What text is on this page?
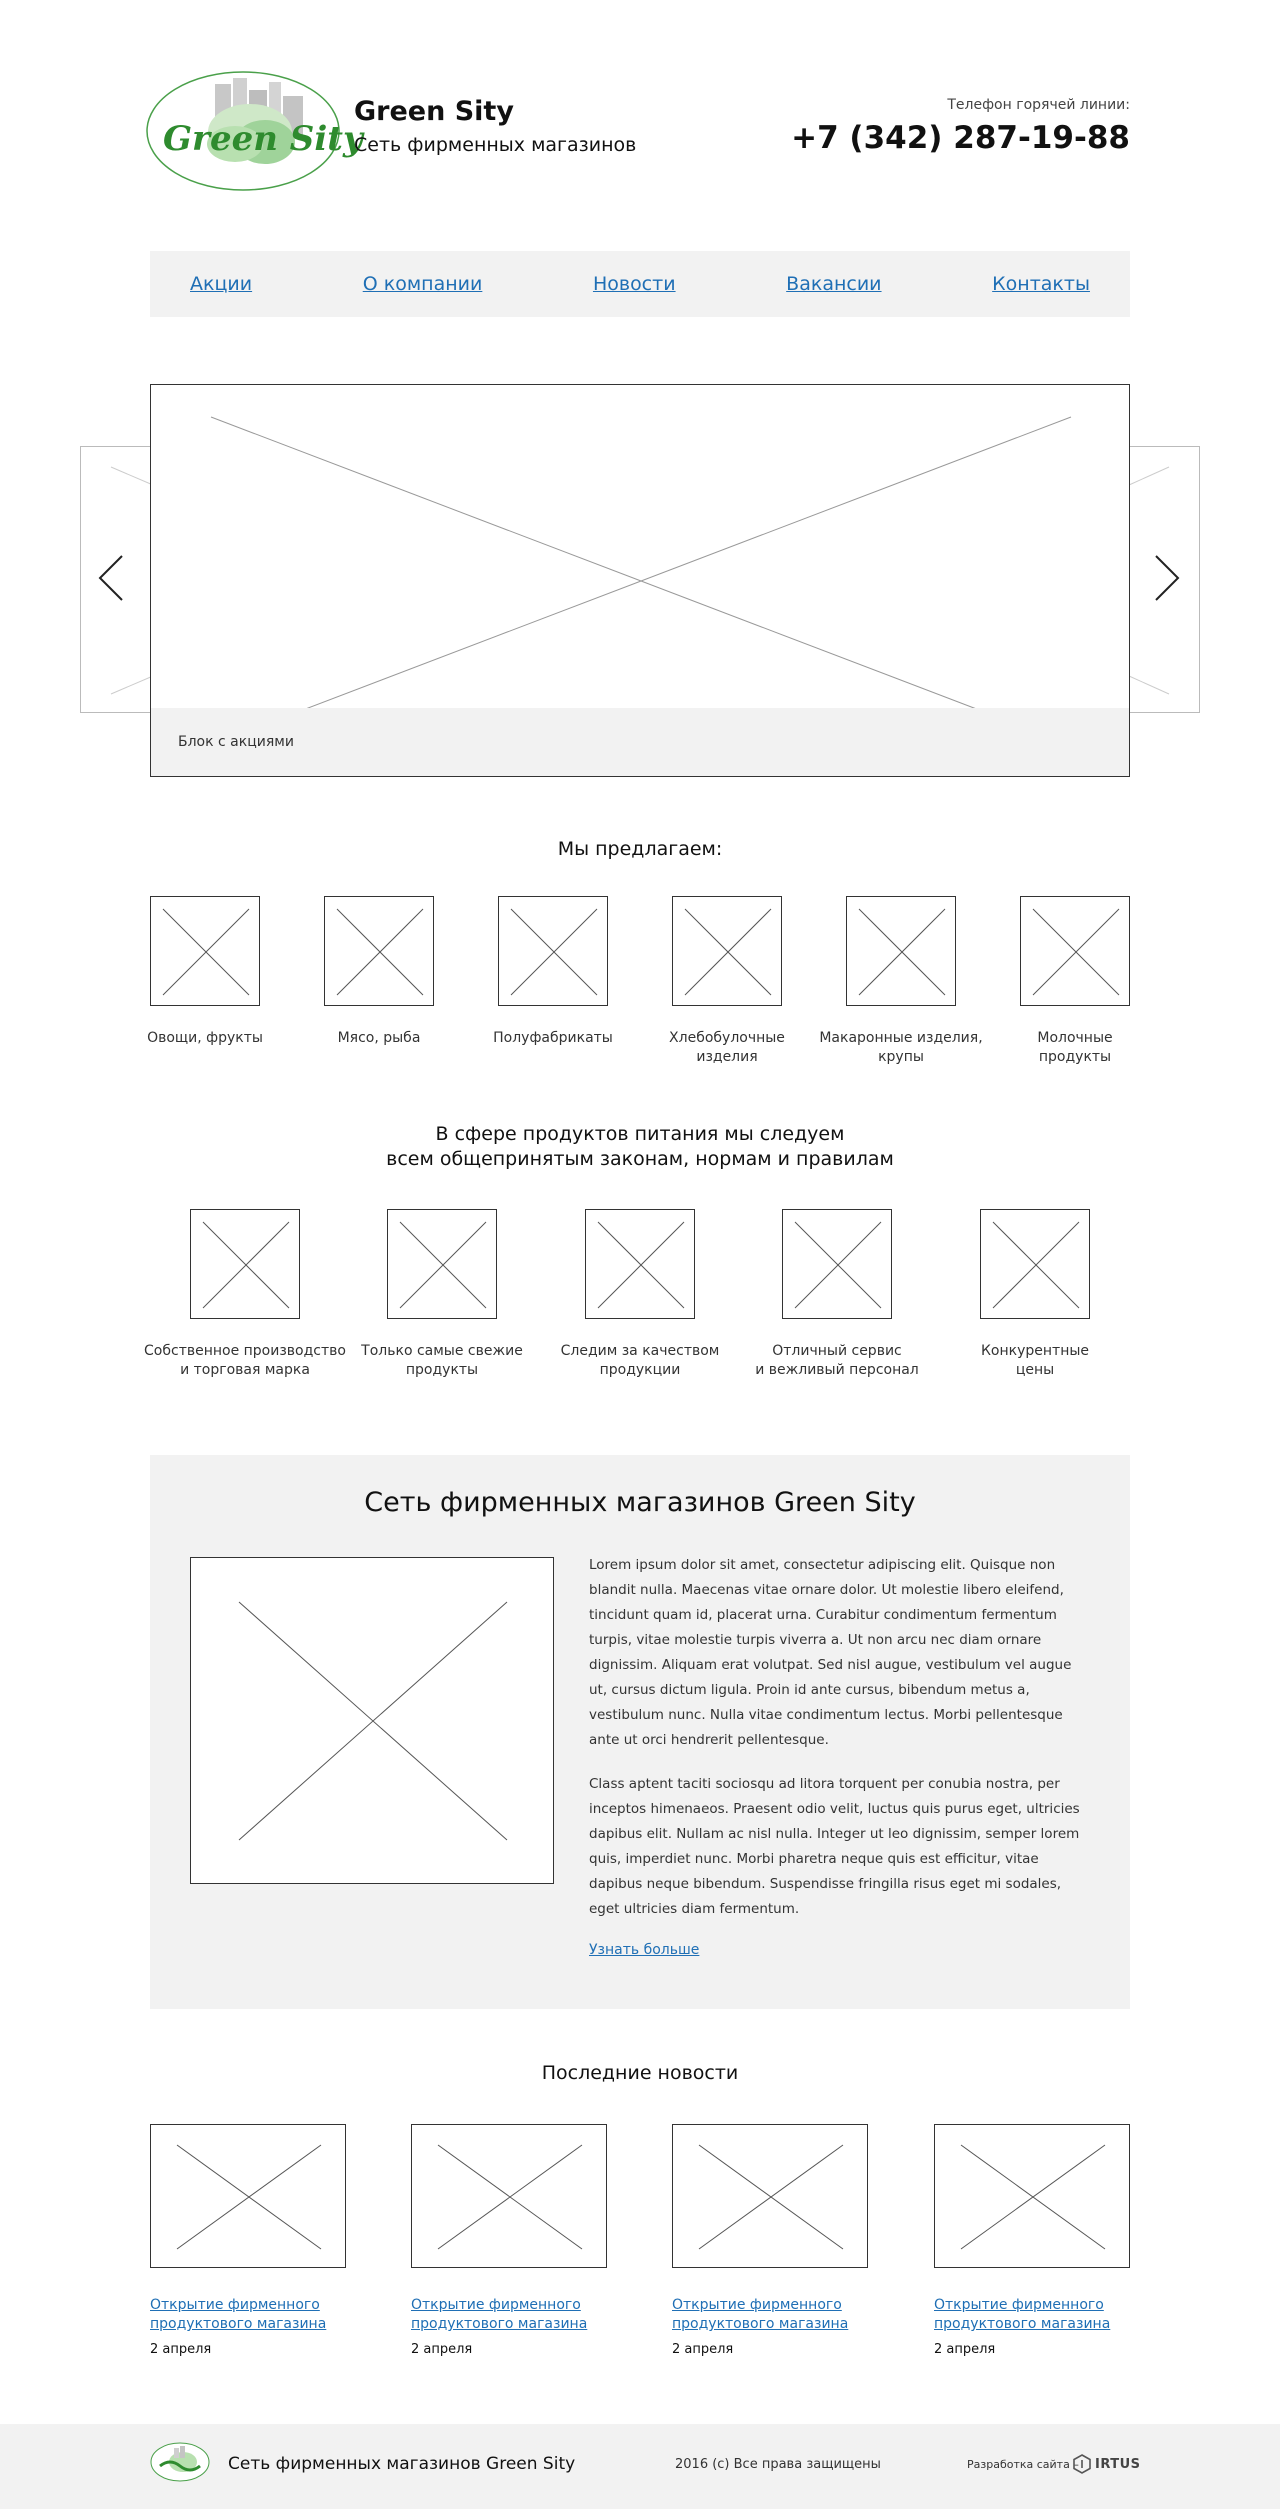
Green Sity
Green Sity
Сеть фирменных магазинов
Телефон горячей линии:
+7 (342) 287-19-88
Акции	О компании	Новости	Вакансии	Контакты
Блок с акциями
Мы предлагаем:
Овощи, фрукты	Мясо, рыба	Полуфабрикаты	Хлебобулочные
изделия
Макаронные изделия,
крупы
Молочные
продукты
В сфере продуктов питания мы следуем
всем общепринятым законам, нормам и правилам
Собственное производство
и торговая марка
Только самые свежие
продукты
Следим за качеством
продукции
Отличный сервис
и вежливый персонал
Конкурентные
цены
Сеть фирменных магазинов Green Sity

Lorem ipsum dolor sit amet, consectetur adipiscing elit. Quisque non blandit nulla. Maecenas vitae ornare dolor. Ut molestie libero eleifend, tincidunt quam id, placerat urna. Curabitur condimentum fermentum turpis, vitae molestie turpis viverra a. Ut non arcu nec diam ornare dignissim. Aliquam erat volutpat. Sed nisl augue, vestibulum vel augue ut, cursus dictum ligula. Proin id ante cursus, bibendum metus a, vestibulum nunc. Nulla vitae condimentum lectus. Morbi pellentesque ante ut orci hendrerit pellentesque.

Class aptent taciti sociosqu ad litora torquent per conubia nostra, per inceptos himenaeos. Praesent odio velit, luctus quis purus eget, ultricies dapibus elit. Nullam ac nisl nulla. Integer ut leo dignissim, semper lorem quis, imperdiet nunc. Morbi pharetra neque quis est efficitur, vitae dapibus neque bibendum. Suspendisse fringilla risus eget mi sodales, eget ultricies diam fermentum.

Узнать больше
Последние новости
Открытие фирменного
продуктового магазина
Открытие фирменного
продуктового магазина
Открытие фирменного
продуктового магазина
Открытие фирменного
продуктового магазина
2 апреля	2 апреля	2 апреля	2 апреля
Сеть фирменных магазинов Green Sity	2016 (c) Все права защищены	Разработка сайта – IRTUS
